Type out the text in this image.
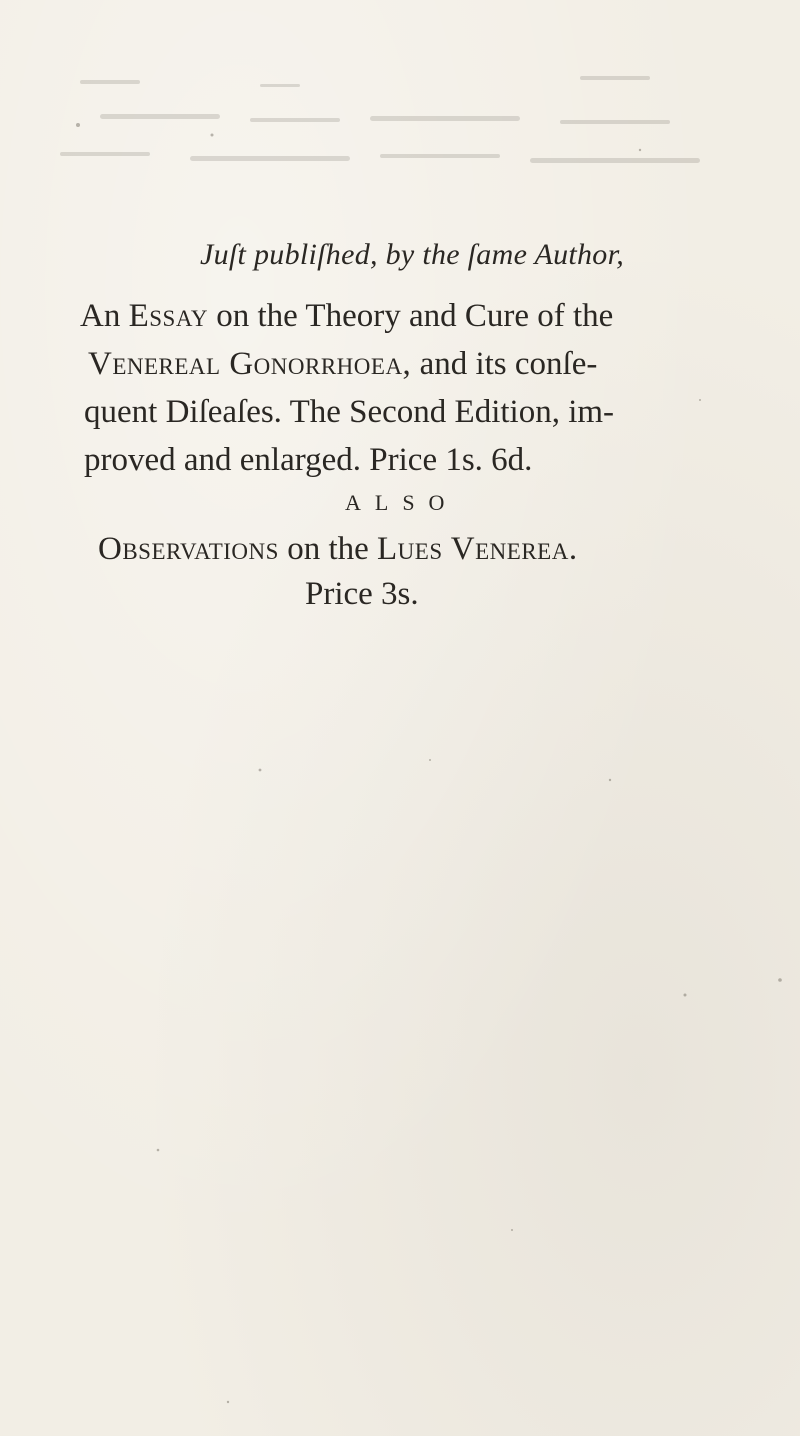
Juſt publiſhed, by the ſame Author,
An Essay on the Theory and Cure of the
Venereal Gonorrhoea, and its conſe-
quent Diſeaſes. The Second Edition, im-
proved and enlarged. Price 1s. 6d.
ALSO
Observations on the Lues Venerea.
Price 3s.
